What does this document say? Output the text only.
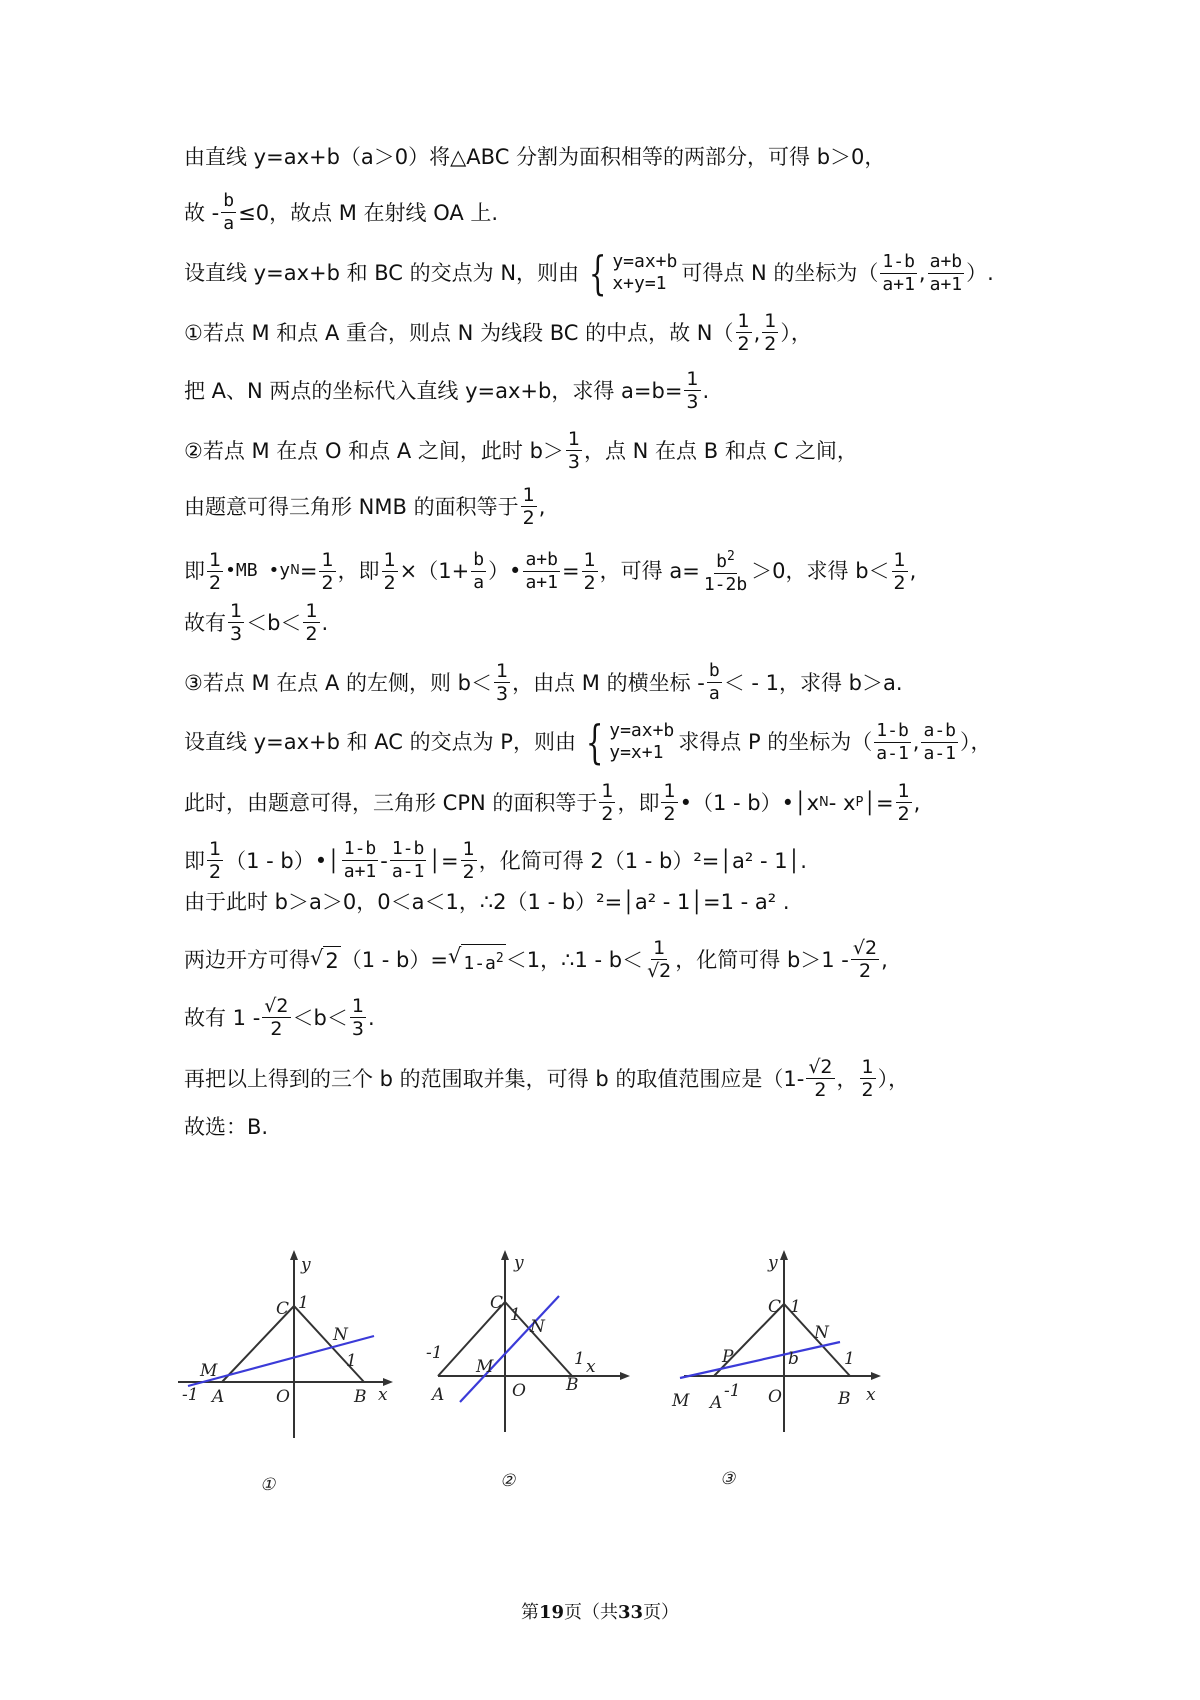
由直线 y=ax+b（a＞0）将△ABC 分割为面积相等的两部分，可得 b＞0，
故 - $\frac{b}{a} \le 0$，故点 M 在射线 OA 上.
设直线 y=ax+b 和 BC 的交点为 N，则由 { y=ax+b
x+y=1 可得点 N 的坐标为（ $\frac{1-b}{a+1}$ , $\frac{a+b}{a+1}$ ）.
①若点 M 和点 A 重合，则点 N 为线段 BC 的中点，故 $N( \frac{1}{2}$ , $\frac{1}{2}$ ），
把 A、N 两点的坐标代入直线 y=ax+b，求得 $a=b= \frac{1}{3}$ .
②若点 M 在点 O 和点 A 之间，此时 $b> \frac{1}{3}$ ，点 N 在点 B 和点 C 之间，
由题意可得三角形 NMB 的面积等于 $\frac{1}{2}$ ,
即 $\frac{1}{2}$ •MB •y $N = \frac{1}{2}$ ，即 $\frac{1}{2} \times(1+ \frac{b}{a}$ ）• $\frac{a+b}{a+1} = \frac{1}{2}$ ，可得 $a= \frac{b^2}{1-2b} >0$，求得 $b< \frac{1}{2}$ ,
故有 $\frac{1}{3} <b< \frac{1}{2}$ .
③若点 M 在点 A 的左侧，则 $b< \frac{1}{3}$ ，由点 M 的横坐标 - $\frac{b}{a}$ ＜ - 1，求得 b＞a.
设直线 y=ax+b 和 AC 的交点为 P，则由 { y=ax+b
y=x+1 求得点 P 的坐标为（ $\frac{1-b}{a-1}$ , $\frac{a-b}{a-1}$ ），
此时，由题意可得，三角形 CPN 的面积等于 $\frac{1}{2}$ ，即 $\frac{1}{2}$ •（1 - b）•│x N - x P │= $\frac{1}{2}$ ,
即 $\frac{1}{2} (1$ - b）•│ $\frac{1-b}{a+1} - \frac{1-b}{a-1}$ │= $\frac{1}{2}$ ，化简可得 2（1 - b）²=│a² - 1│.
由于此时 b＞a＞0，0＜a＜1，∴2（1 - b）²=│a² - 1│=1 - a² .
两边开方可得 √ 2 （1 - b）= √ $1-a^2 <1$，∴1 - $b< \frac{1}{√2}$ ，化简可得 $b>1 - \frac{√2}{2}$ ,
故有 $1 - \frac{√2}{2} <b< \frac{1}{3}$ .
再把以上得到的三个 b 的范围取并集，可得 b 的取值范围应是 （$1- \frac{√2}{2}$ ， $\frac{1}{2}$ ），
故选：B.
y
x
C 1
N
M
-1 A	O	B
1
①
y
x
C
1
N
M
-1
A	O B
1
②
y
x
C 1
N
P	b
M A
-1 O	B
1
③
第19页（共33页）
